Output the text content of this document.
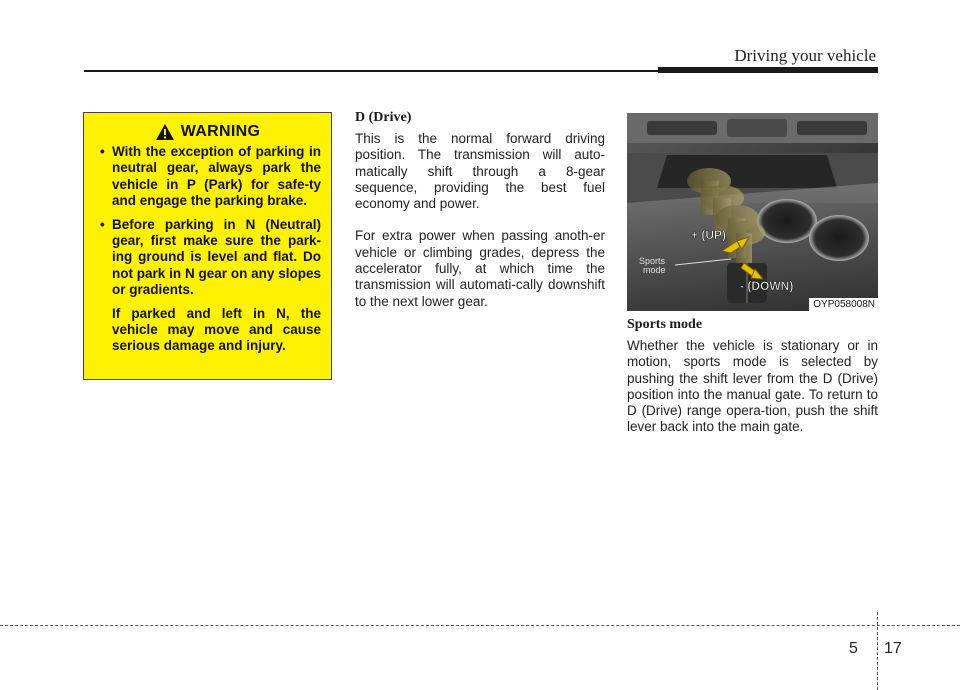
Driving your vehicle
WARNING
• With the exception of parking in neutral gear, always park the vehicle in P (Park) for safe-ty and engage the parking brake.
• Before parking in N (Neutral) gear, first make sure the park-ing ground is level and flat. Do not park in N gear on any slopes or gradients.

If parked and left in N, the vehicle may move and cause serious damage and injury.

D (Drive)

This is the normal forward driving position. The transmission will auto-matically shift through a 8-gear sequence, providing the best fuel economy and power.

For extra power when passing anoth-er vehicle or climbing grades, depress the accelerator fully, at which time the transmission will automati-cally downshift to the next lower gear.

+ (UP)
- (DOWN)
Sports
mode
OYP058008N
Sports mode

Whether the vehicle is stationary or in motion, sports mode is selected by pushing the shift lever from the D (Drive) position into the manual gate. To return to D (Drive) range opera-tion, push the shift lever back into the main gate.

5 17
